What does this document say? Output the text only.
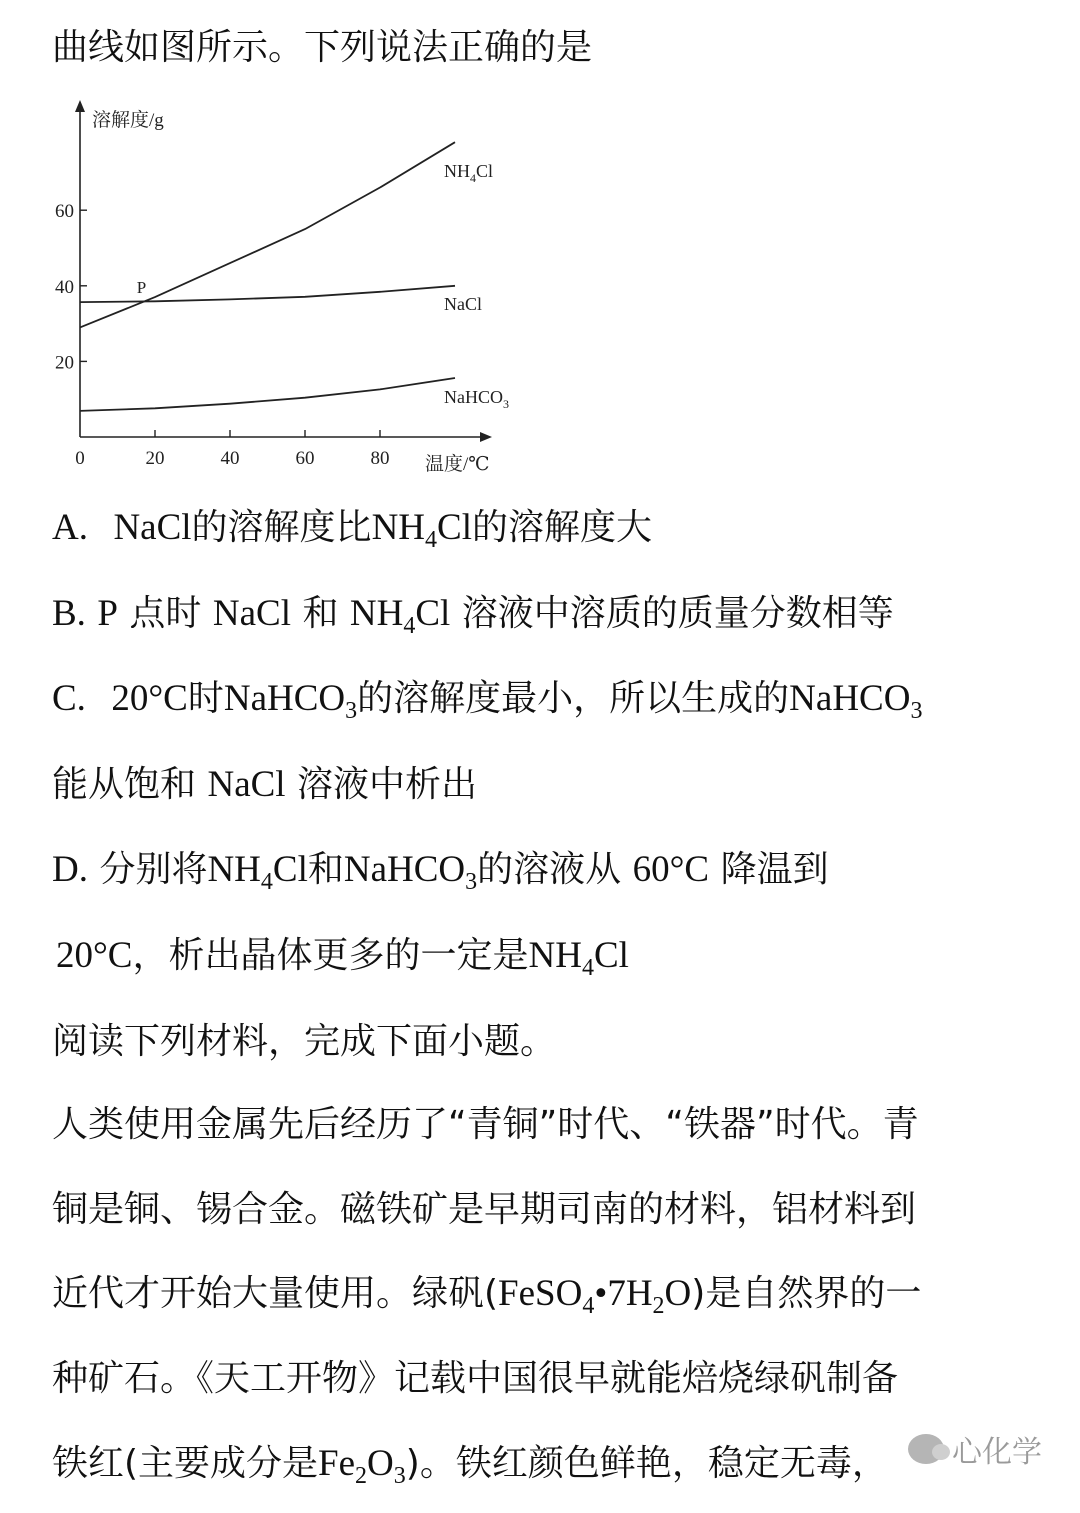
曲线如图所示。下列说法正确的是
0	20	40	60	80
20
40
60
溶解度/g
温度/℃
$NH_4Cl$
NaCl
NaHCO$_3$
P
A. NaCl的溶解度比$NH_4Cl$的溶解度大
B. P 点时 NaCl 和 $NH_4Cl$ 溶液中溶质的质量分数相等
C. 20°C时NaHCO$_3$的溶解度最小，所以生成的NaHCO$_3$
能从饱和 NaCl 溶液中析出
D. 分别将$NH_4Cl$和NaHCO$_3$的溶液从 60°C 降温到
20°C，析出晶体更多的一定是$NH_4Cl$
阅读下列材料，完成下面小题。
人类使用金属先后经历了“青铜”时代、“铁器”时代。青
铜是铜、锡合金。磁铁矿是早期司南的材料，铝材料到
近代才开始大量使用。绿矾$(FeSO_4•7H_2O)$是自然界的一
种矿石。《天工开物》记载中国很早就能焙烧绿矾制备
铁红(主要成分是$Fe_2O_3$)。铁红颜色鲜艳，稳定无毒， 心化学
